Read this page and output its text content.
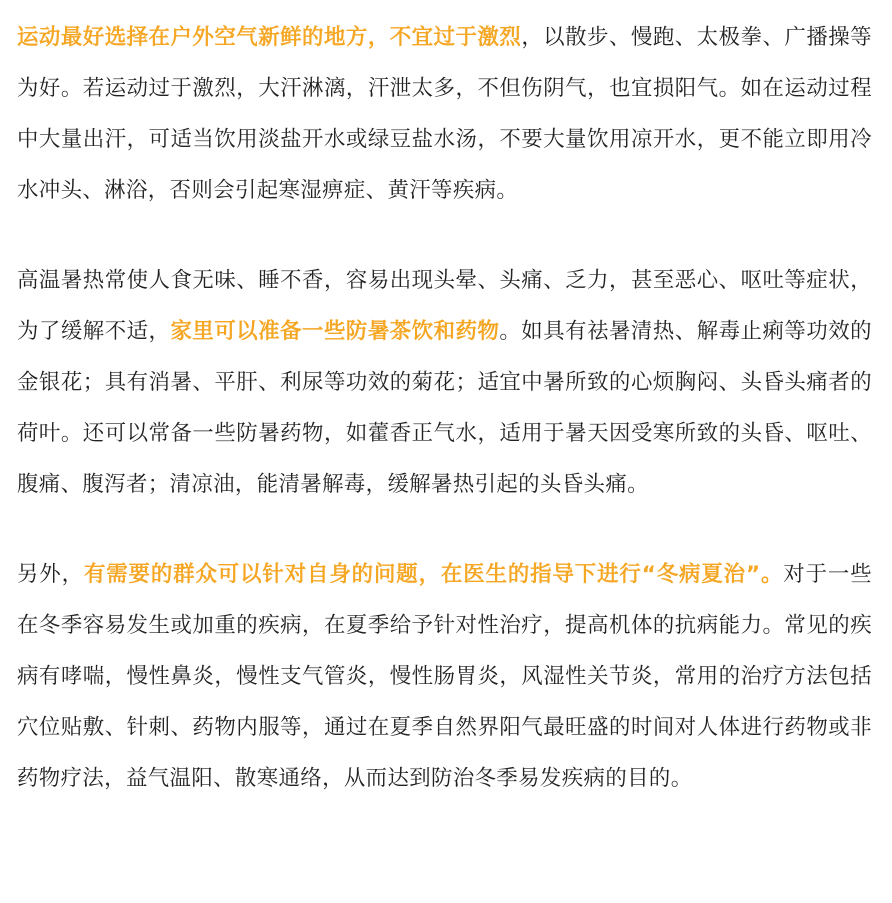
运动最好选择在户外空气新鲜的地方，不宜过于激烈，以散步、慢跑、太极拳、广播操等为好。若运动过于激烈，大汗淋漓，汗泄太多，不但伤阴气，也宜损阳气。如在运动过程中大量出汗，可适当饮用淡盐开水或绿豆盐水汤，不要大量饮用凉开水，更不能立即用冷水冲头、淋浴，否则会引起寒湿痹症、黄汗等疾病。

高温暑热常使人食无味、睡不香，容易出现头晕、头痛、乏力，甚至恶心、呕吐等症状，为了缓解不适，家里可以准备一些防暑茶饮和药物。如具有祛暑清热、解毒止痢等功效的金银花；具有消暑、平肝、利尿等功效的菊花；适宜中暑所致的心烦胸闷、头昏头痛者的荷叶。还可以常备一些防暑药物，如藿香正气水，适用于暑天因受寒所致的头昏、呕吐、腹痛、腹泻者；清凉油，能清暑解毒，缓解暑热引起的头昏头痛。

另外，有需要的群众可以针对自身的问题，在医生的指导下进行“冬病夏治”。对于一些在冬季容易发生或加重的疾病，在夏季给予针对性治疗，提高机体的抗病能力。常见的疾病有哮喘，慢性鼻炎，慢性支气管炎，慢性肠胃炎，风湿性关节炎，常用的治疗方法包括穴位贴敷、针刺、药物内服等，通过在夏季自然界阳气最旺盛的时间对人体进行药物或非药物疗法，益气温阳、散寒通络，从而达到防治冬季易发疾病的目的。
